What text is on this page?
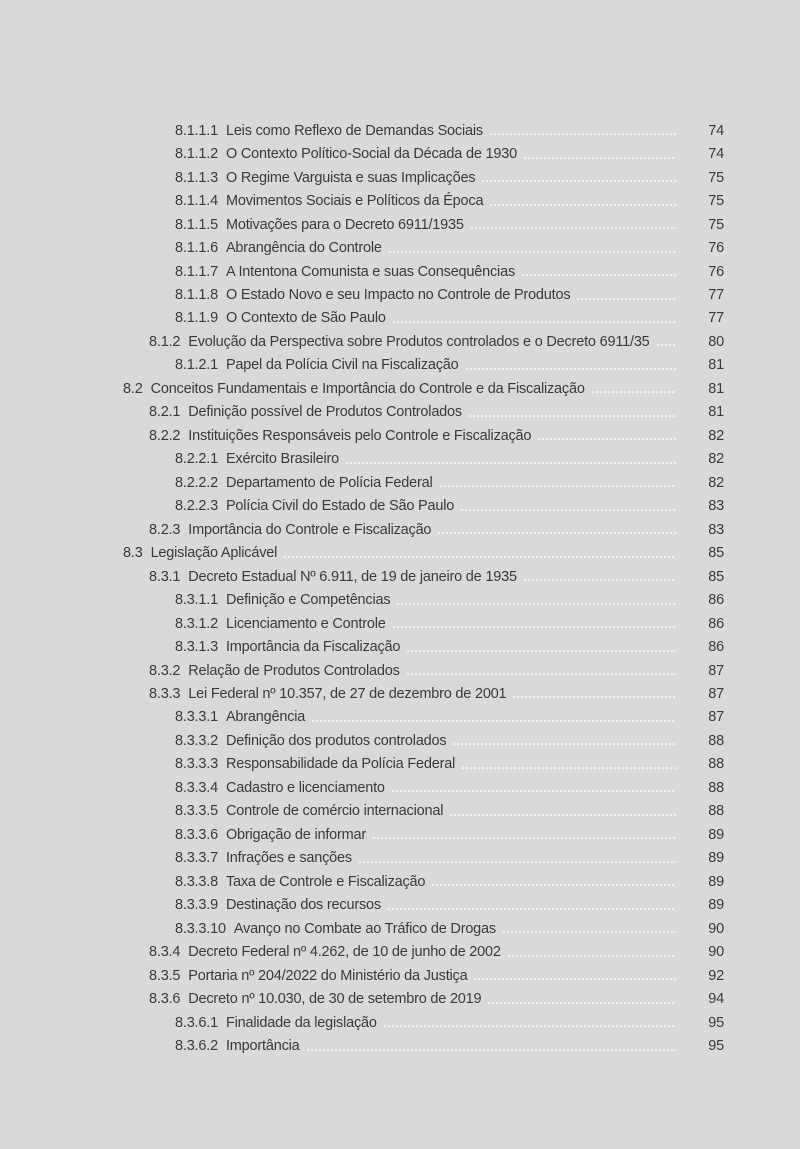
8.1.1.1 Leis como Reflexo de Demandas Sociais	74
8.1.1.2 O Contexto Político-Social da Década de 1930	74
8.1.1.3 O Regime Varguista e suas Implicações	75
8.1.1.4 Movimentos Sociais e Políticos da Época	75
8.1.1.5 Motivações para o Decreto 6911/1935	75
8.1.1.6 Abrangência do Controle	76
8.1.1.7 A Intentona Comunista e suas Consequências	76
8.1.1.8 O Estado Novo e seu Impacto no Controle de Produtos	77
8.1.1.9 O Contexto de São Paulo	77
8.1.2 Evolução da Perspectiva sobre Produtos controlados e o Decreto 6911/35	80
8.1.2.1 Papel da Polícia Civil na Fiscalização	81
8.2 Conceitos Fundamentais e Importância do Controle e da Fiscalização	81
8.2.1 Definição possível de Produtos Controlados	81
8.2.2 Instituições Responsáveis pelo Controle e Fiscalização	82
8.2.2.1 Exército Brasileiro	82
8.2.2.2 Departamento de Polícia Federal	82
8.2.2.3 Polícia Civil do Estado de São Paulo	83
8.2.3 Importância do Controle e Fiscalização	83
8.3 Legislação Aplicável	85
8.3.1 Decreto Estadual Nº 6.911, de 19 de janeiro de 1935	85
8.3.1.1 Definição e Competências	86
8.3.1.2 Licenciamento e Controle	86
8.3.1.3 Importância da Fiscalização	86
8.3.2 Relação de Produtos Controlados	87
8.3.3 Lei Federal nº 10.357, de 27 de dezembro de 2001	87
8.3.3.1 Abrangência	87
8.3.3.2 Definição dos produtos controlados	88
8.3.3.3 Responsabilidade da Polícia Federal	88
8.3.3.4 Cadastro e licenciamento	88
8.3.3.5 Controle de comércio internacional	88
8.3.3.6 Obrigação de informar	89
8.3.3.7 Infrações e sanções	89
8.3.3.8 Taxa de Controle e Fiscalização	89
8.3.3.9 Destinação dos recursos	89
8.3.3.10 Avanço no Combate ao Tráfico de Drogas	90
8.3.4 Decreto Federal nº 4.262, de 10 de junho de 2002	90
8.3.5 Portaria nº 204/2022 do Ministério da Justiça	92
8.3.6 Decreto nº 10.030, de 30 de setembro de 2019	94
8.3.6.1 Finalidade da legislação	95
8.3.6.2 Importância	95
